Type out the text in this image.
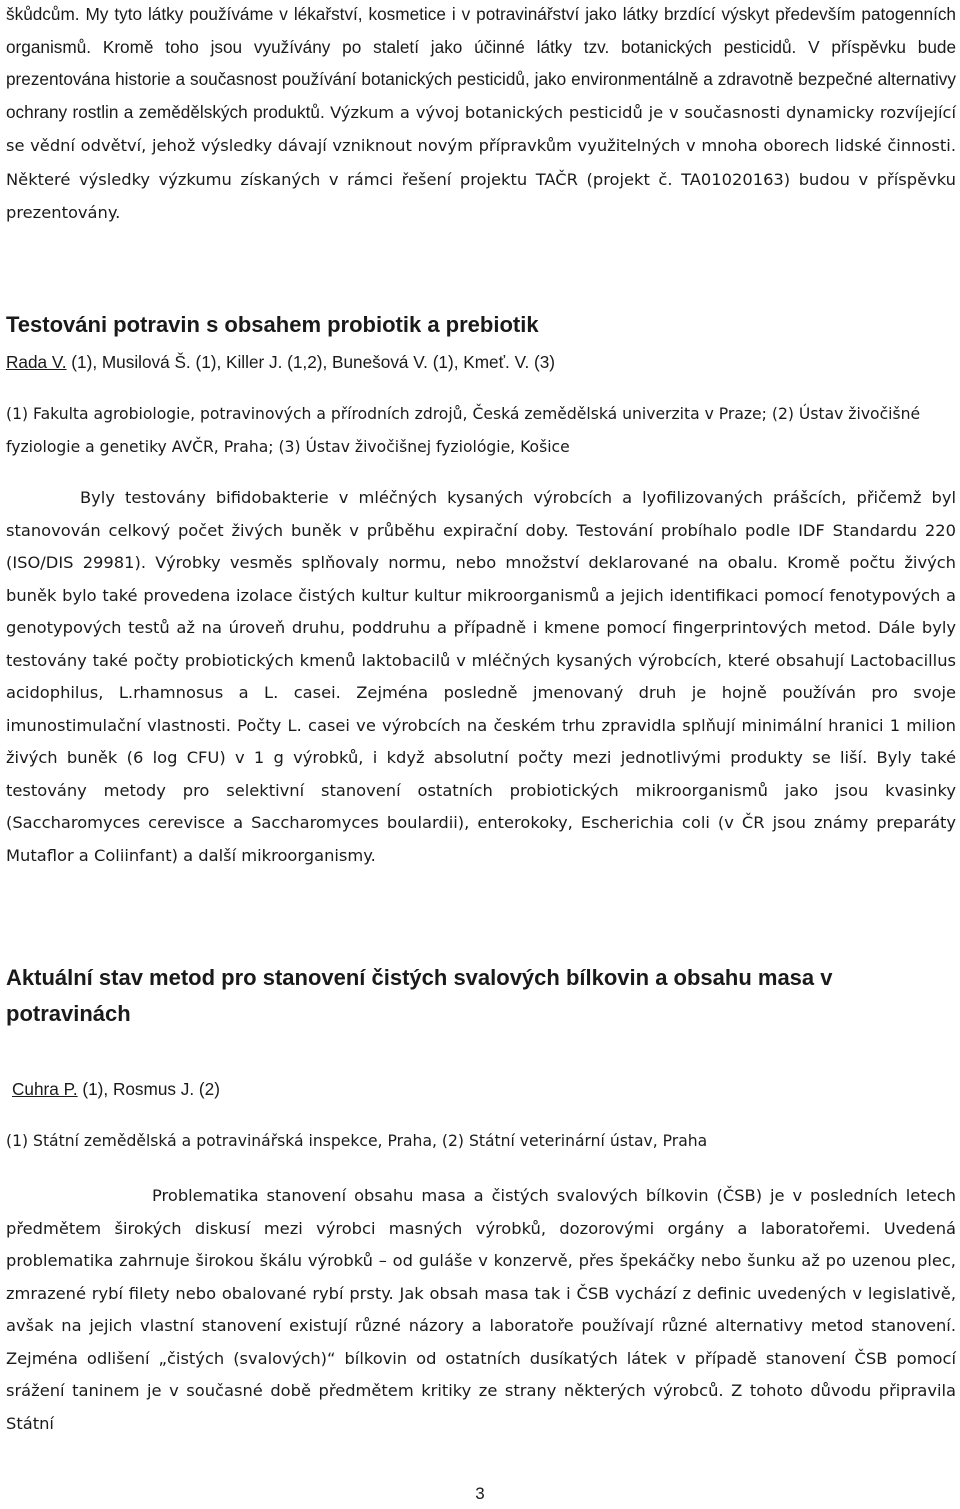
škůdcům. My tyto látky používáme v lékařství, kosmetice i v potravinářství jako látky brzdící výskyt především patogenních organismů. Kromě toho jsou využívány po staletí jako účinné látky tzv. botanických pesticidů. V příspěvku bude prezentována historie a současnost používání botanických pesticidů, jako environmentálně a zdravotně bezpečné alternativy ochrany rostlin a zemědělských produktů. Výzkum a vývoj botanických pesticidů je v současnosti dynamicky rozvíjející se vědní odvětví, jehož výsledky dávají vzniknout novým přípravkům využitelných v mnoha oborech lidské činnosti. Některé výsledky výzkumu získaných v rámci řešení projektu TAČR (projekt č. TA01020163) budou v příspěvku prezentovány.

Testováni potravin s obsahem probiotik a prebiotik

Rada V. (1), Musilová Š. (1), Killer J. (1,2), Bunešová V. (1), Kmeť. V. (3)

(1) Fakulta agrobiologie, potravinových a přírodních zdrojů, Česká zemědělská univerzita v Praze; (2) Ústav živočišné fyziologie a genetiky AVČR, Praha; (3) Ústav živočišnej fyziológie, Košice

Byly testovány bifidobakterie v mléčných kysaných výrobcích a lyofilizovaných prášcích, přičemž byl stanovován celkový počet živých buněk v průběhu expirační doby. Testování probíhalo podle IDF Standardu 220 (ISO/DIS 29981). Výrobky vesměs splňovaly normu, nebo množství deklarované na obalu. Kromě počtu živých buněk bylo také provedena izolace čistých kultur kultur mikroorganismů a jejich identifikaci pomocí fenotypových a genotypových testů až na úroveň druhu, poddruhu a případně i kmene pomocí fingerprintových metod. Dále byly testovány také počty probiotických kmenů laktobacilů v mléčných kysaných výrobcích, které obsahují Lactobacillus acidophilus, L.rhamnosus a L. casei. Zejména posledně jmenovaný druh je hojně používán pro svoje imunostimulační vlastnosti. Počty L. casei ve výrobcích na českém trhu zpravidla splňují minimální hranici 1 milion živých buněk (6 log CFU) v 1 g výrobků, i když absolutní počty mezi jednotlivými produkty se liší. Byly také testovány metody pro selektivní stanovení ostatních probiotických mikroorganismů jako jsou kvasinky (Saccharomyces cerevisce a Saccharomyces boulardii), enterokoky, Escherichia coli (v ČR jsou známy preparáty Mutaflor a Coliinfant) a další mikroorganismy.

Aktuální stav metod pro stanovení čistých svalových bílkovin a obsahu masa v potravinách

Cuhra P. (1), Rosmus J. (2)

(1) Státní zemědělská a potravinářská inspekce, Praha, (2) Státní veterinární ústav, Praha

Problematika stanovení obsahu masa a čistých svalových bílkovin (ČSB) je v posledních letech předmětem širokých diskusí mezi výrobci masných výrobků, dozorovými orgány a laboratořemi. Uvedená problematika zahrnuje širokou škálu výrobků – od guláše v konzervě, přes špekáčky nebo šunku až po uzenou plec, zmrazené rybí filety nebo obalované rybí prsty. Jak obsah masa tak i ČSB vychází z definic uvedených v legislativě, avšak na jejich vlastní stanovení existují různé názory a laboratoře používají různé alternativy metod stanovení. Zejména odlišení „čistých (svalových)“ bílkovin od ostatních dusíkatých látek v případě stanovení ČSB pomocí srážení taninem je v současné době předmětem kritiky ze strany některých výrobců. Z tohoto důvodu připravila Státní

3
